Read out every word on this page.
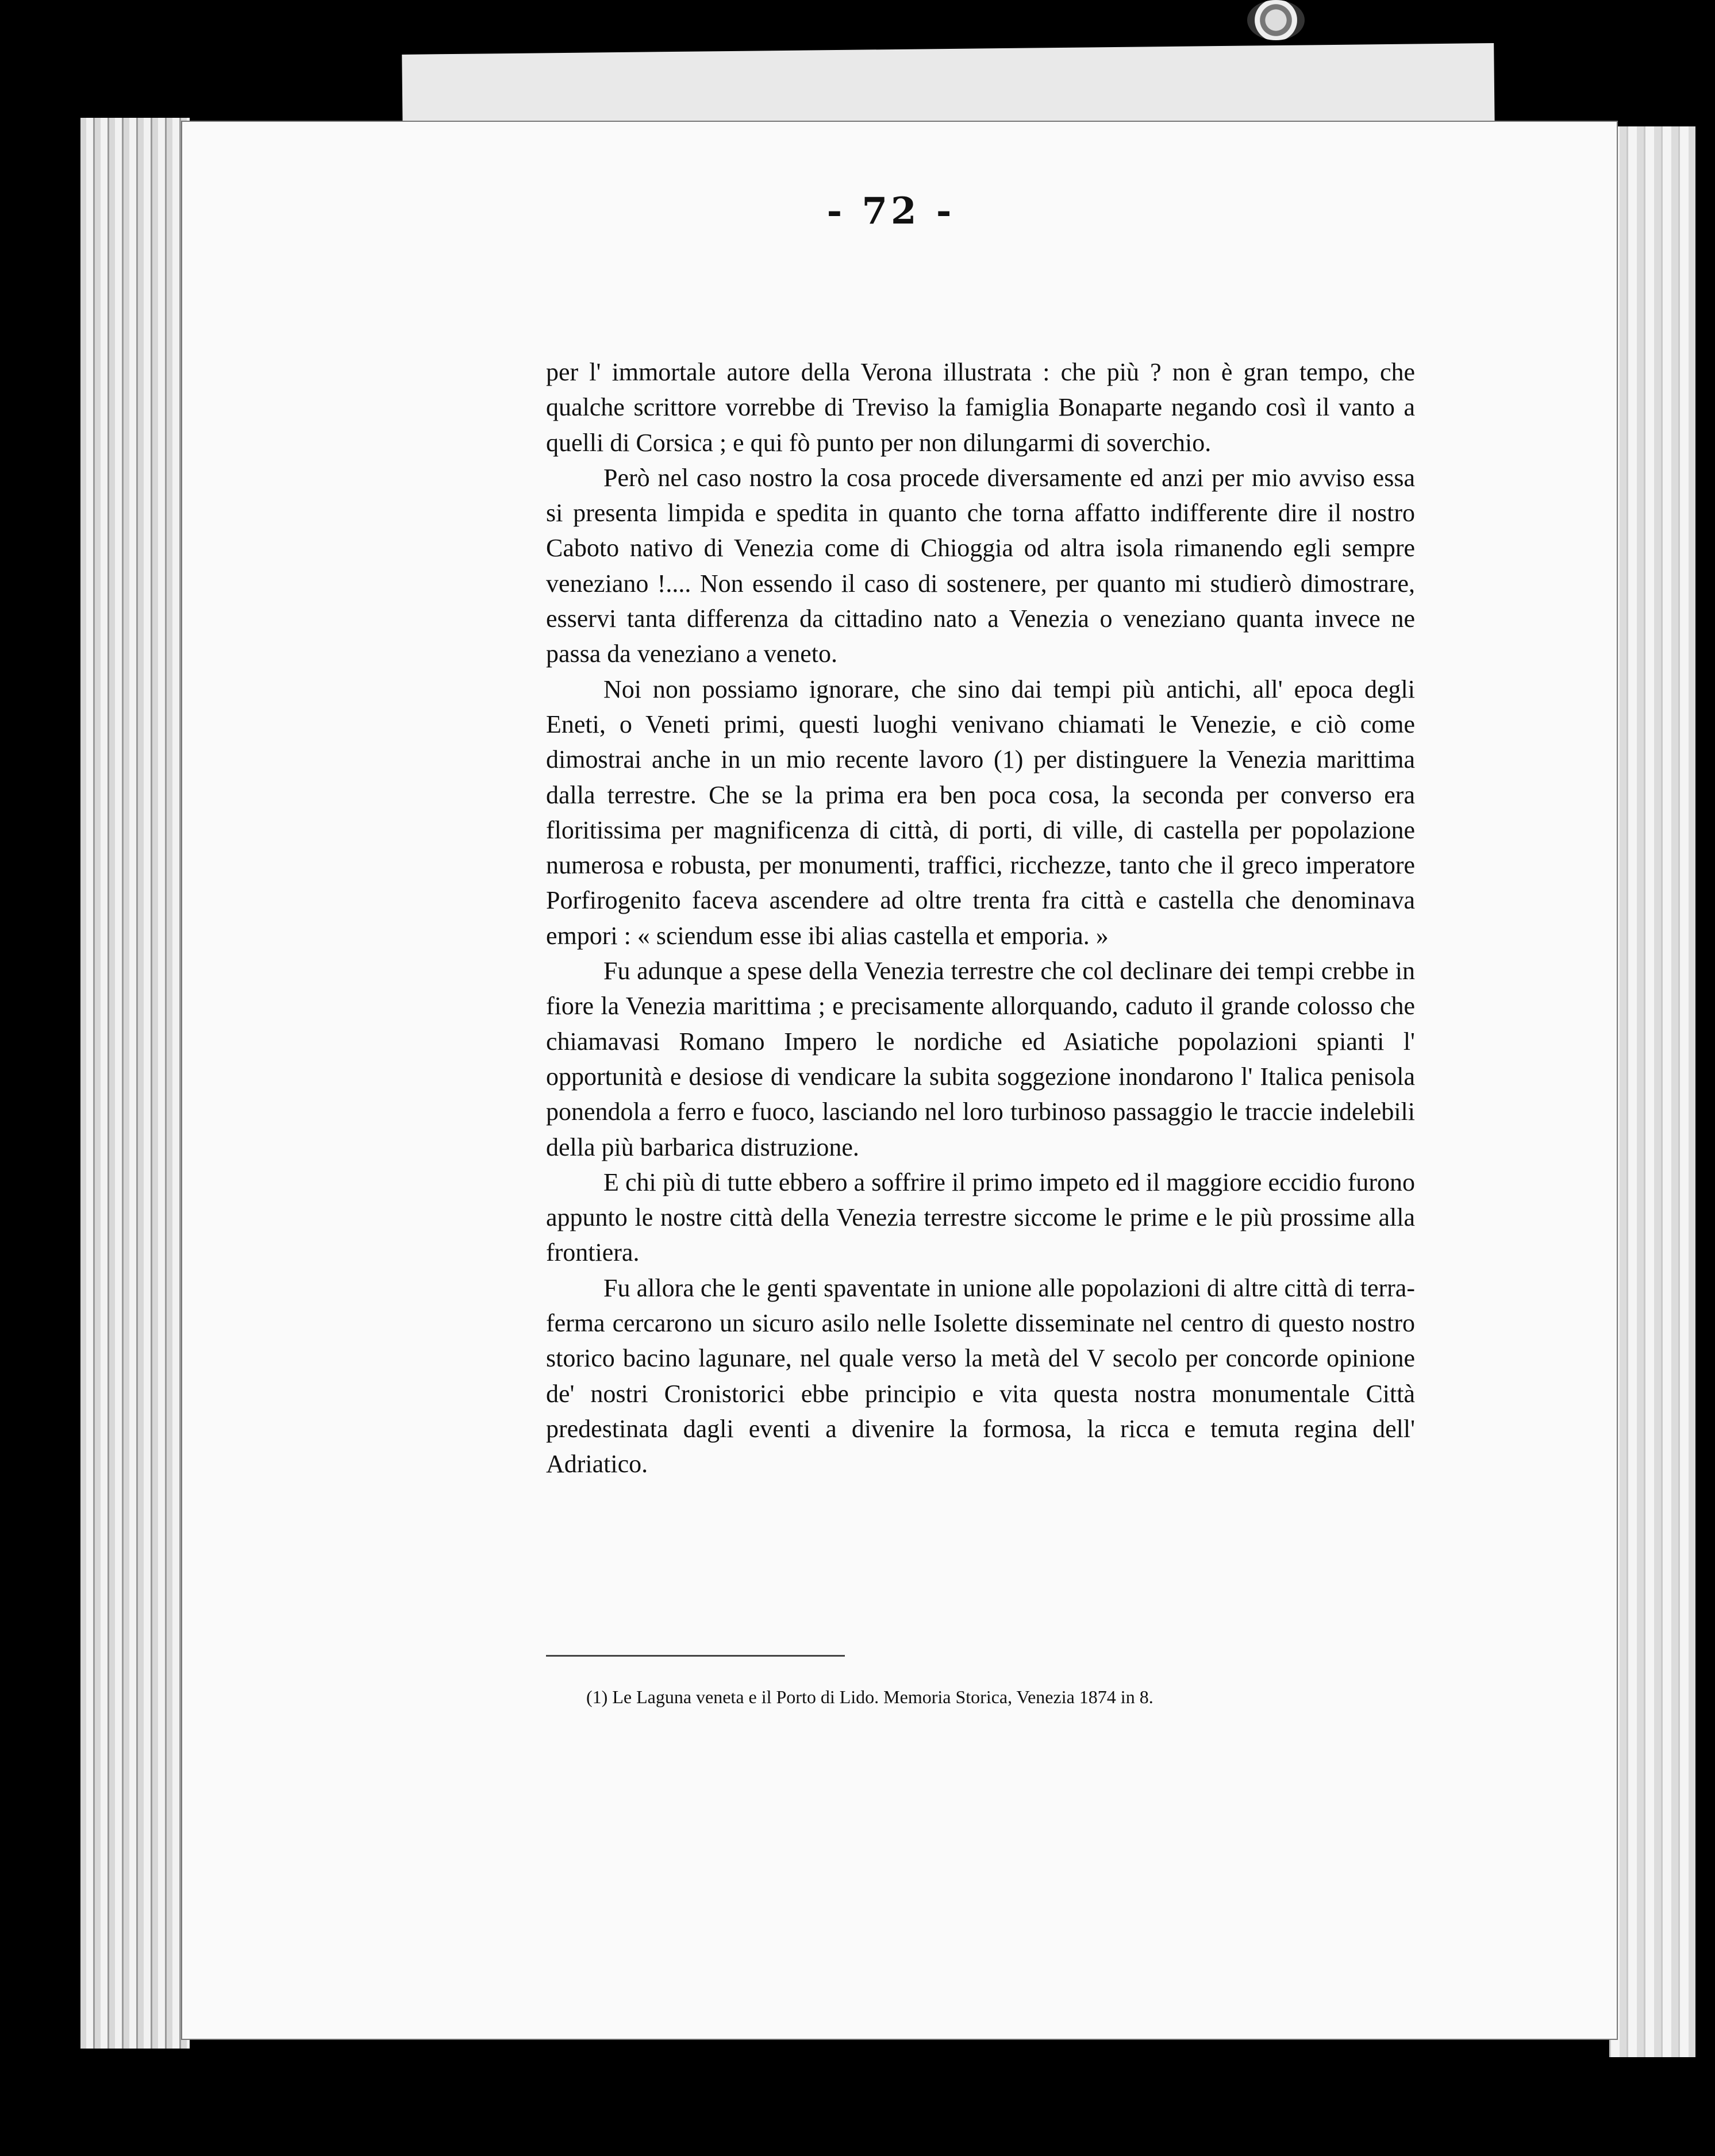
- 72 -

per l' immortale autore della Verona illustrata : che più ? non è gran tempo, che qualche scrittore vorrebbe di Treviso la famiglia Bonaparte negando così il vanto a quelli di Corsica ; e qui fò punto per non dilungarmi di soverchio.

Però nel caso nostro la cosa procede diversamente ed anzi per mio avviso essa si presenta limpida e spedita in quanto che torna affatto indifferente dire il nostro Caboto nativo di Venezia come di Chioggia od altra isola rimanendo egli sempre veneziano !.... Non essendo il caso di sostenere, per quanto mi studierò dimostrare, esservi tanta differenza da cittadino nato a Venezia o veneziano quanta invece ne passa da veneziano a veneto.

Noi non possiamo ignorare, che sino dai tempi più antichi, all' epoca degli Eneti, o Veneti primi, questi luoghi venivano chiamati le Venezie, e ciò come dimostrai anche in un mio recente lavoro (1) per distinguere la Venezia marittima dalla terrestre. Che se la prima era ben poca cosa, la seconda per converso era floritissima per magnificenza di città, di porti, di ville, di castella per popolazione numerosa e robusta, per monumenti, traffici, ricchezze, tanto che il greco imperatore Porfirogenito faceva ascendere ad oltre trenta fra città e castella che denominava empori : « sciendum esse ibi alias castella et emporia. »

Fu adunque a spese della Venezia terrestre che col declinare dei tempi crebbe in fiore la Venezia marittima ; e precisamente allorquando, caduto il grande colosso che chiamavasi Romano Impero le nordiche ed Asiatiche popolazioni spianti l' opportunità e desiose di vendicare la subita soggezione inondarono l' Italica penisola ponendola a ferro e fuoco, lasciando nel loro turbinoso passaggio le traccie indelebili della più barbarica distruzione.

E chi più di tutte ebbero a soffrire il primo impeto ed il maggiore eccidio furono appunto le nostre città della Venezia terrestre siccome le prime e le più prossime alla frontiera.

Fu allora che le genti spaventate in unione alle popolazioni di altre città di terra-ferma cercarono un sicuro asilo nelle Isolette disseminate nel centro di questo nostro storico bacino lagunare, nel quale verso la metà del V secolo per concorde opinione de' nostri Cronistorici ebbe principio e vita questa nostra monumentale Città predestinata dagli eventi a divenire la formosa, la ricca e temuta regina dell' Adriatico.

(1) Le Laguna veneta e il Porto di Lido. Memoria Storica, Venezia 1874 in 8.
